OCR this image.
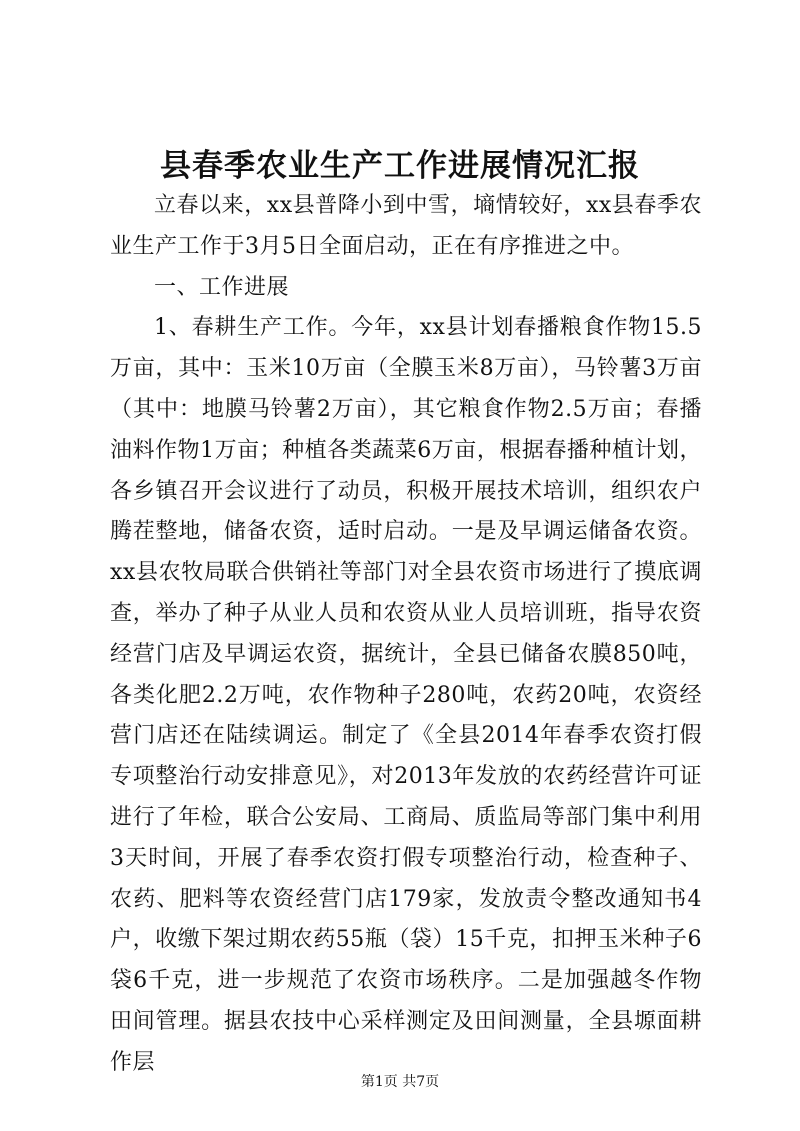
县春季农业生产工作进展情况汇报

立春以来，xx县普降小到中雪，墒情较好，xx县春季农业生产工作于3月5日全面启动，正在有序推进之中。

一、工作进展

1、春耕生产工作。今年，xx县计划春播粮食作物15.5万亩，其中：玉米10万亩（全膜玉米8万亩），马铃薯3万亩（其中：地膜马铃薯2万亩），其它粮食作物2.5万亩；春播油料作物1万亩；种植各类蔬菜6万亩，根据春播种植计划，各乡镇召开会议进行了动员，积极开展技术培训，组织农户腾茬整地，储备农资，适时启动。一是及早调运储备农资。xx县农牧局联合供销社等部门对全县农资市场进行了摸底调查，举办了种子从业人员和农资从业人员培训班，指导农资经营门店及早调运农资，据统计，全县已储备农膜850吨，各类化肥2.2万吨，农作物种子280吨，农药20吨，农资经营门店还在陆续调运。制定了《全县2014年春季农资打假专项整治行动安排意见》，对2013年发放的农药经营许可证进行了年检，联合公安局、工商局、质监局等部门集中利用3天时间，开展了春季农资打假专项整治行动，检查种子、农药、肥料等农资经营门店179家，发放责令整改通知书4户，收缴下架过期农药55瓶（袋）15千克，扣押玉米种子6袋6千克，进一步规范了农资市场秩序。二是加强越冬作物田间管理。据县农技中心采样测定及田间测量，全县塬面耕作层

第1页 共7页
